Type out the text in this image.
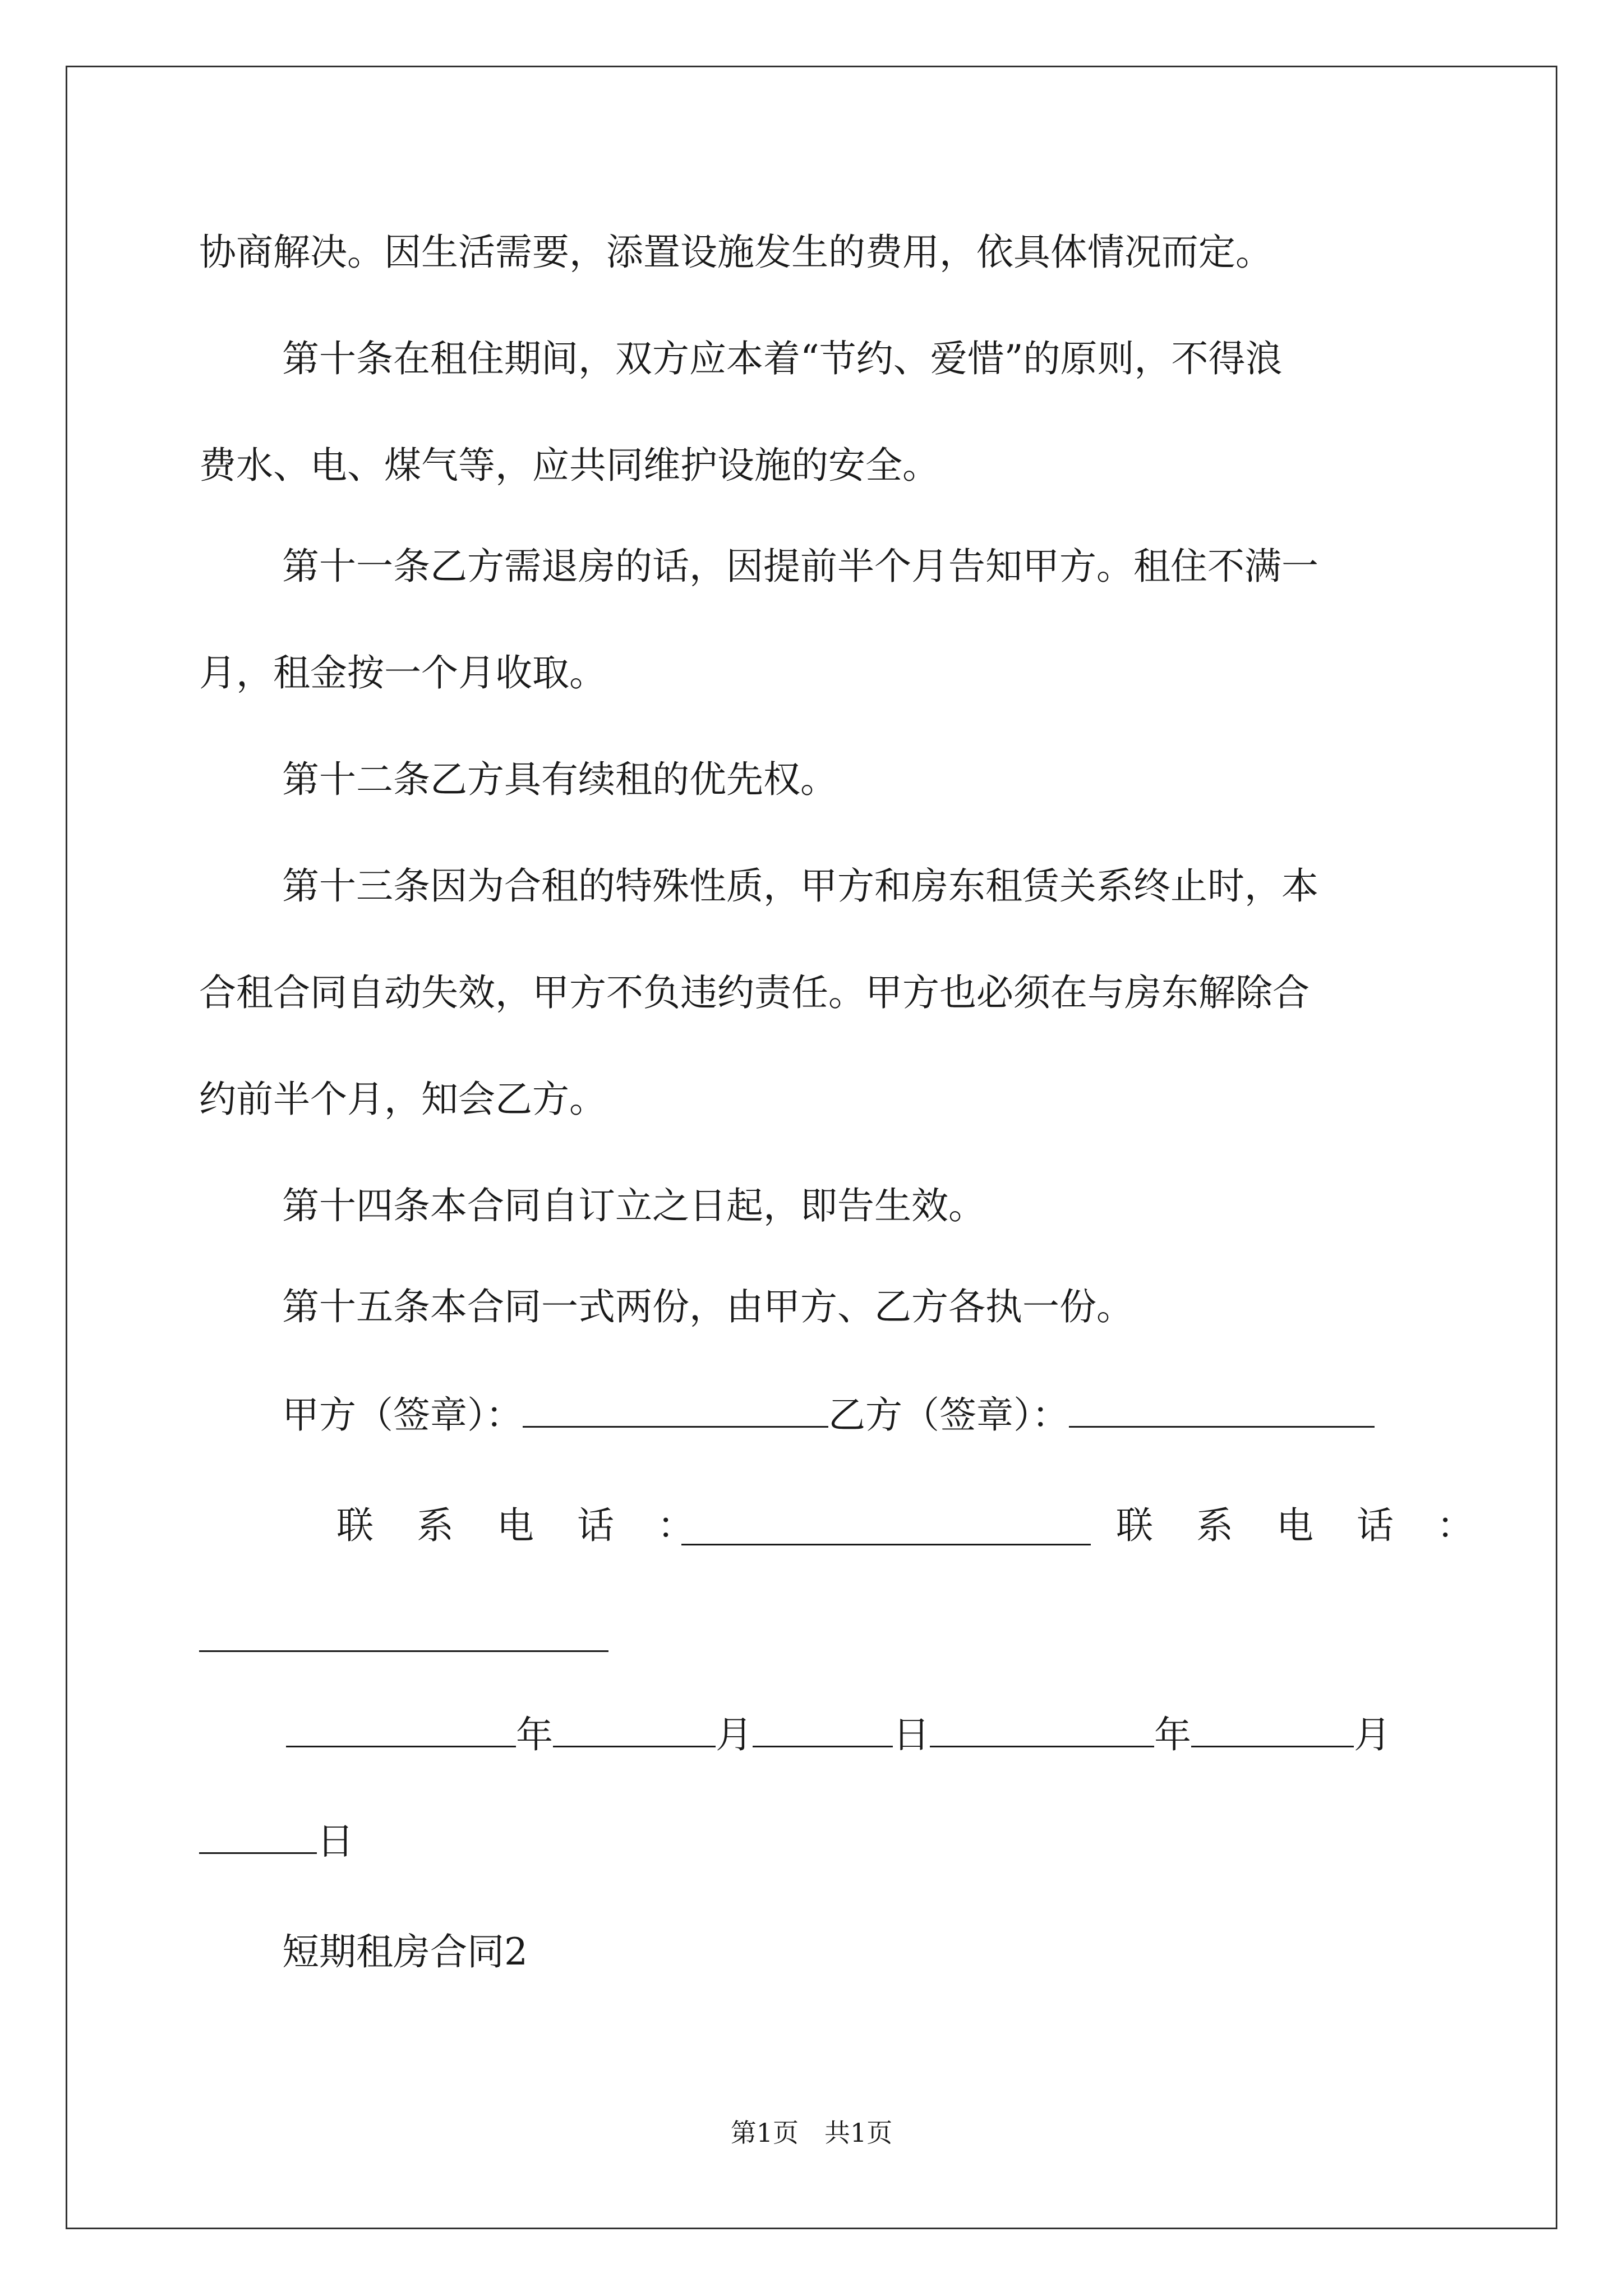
协商解决。因生活需要，添置设施发生的费用，依具体情况而定。
第十条在租住期间，双方应本着“节约、爱惜”的原则，不得浪
费水、电、煤气等，应共同维护设施的安全。
第十一条乙方需退房的话，因提前半个月告知甲方。租住不满一
月，租金按一个月收取。
第十二条乙方具有续租的优先权。
第十三条因为合租的特殊性质，甲方和房东租赁关系终止时，本
合租合同自动失效，甲方不负违约责任。甲方也必须在与房东解除合
约前半个月，知会乙方。
第十四条本合同自订立之日起，即告生效。
第十五条本合同一式两份，由甲方、乙方各执一份。
甲方（签章）：	乙方（签章）：
联 系 电 话 ：	联 系 电 话 ：
年	月	日	年	月
日
短期租房合同2
第1页　共1页
